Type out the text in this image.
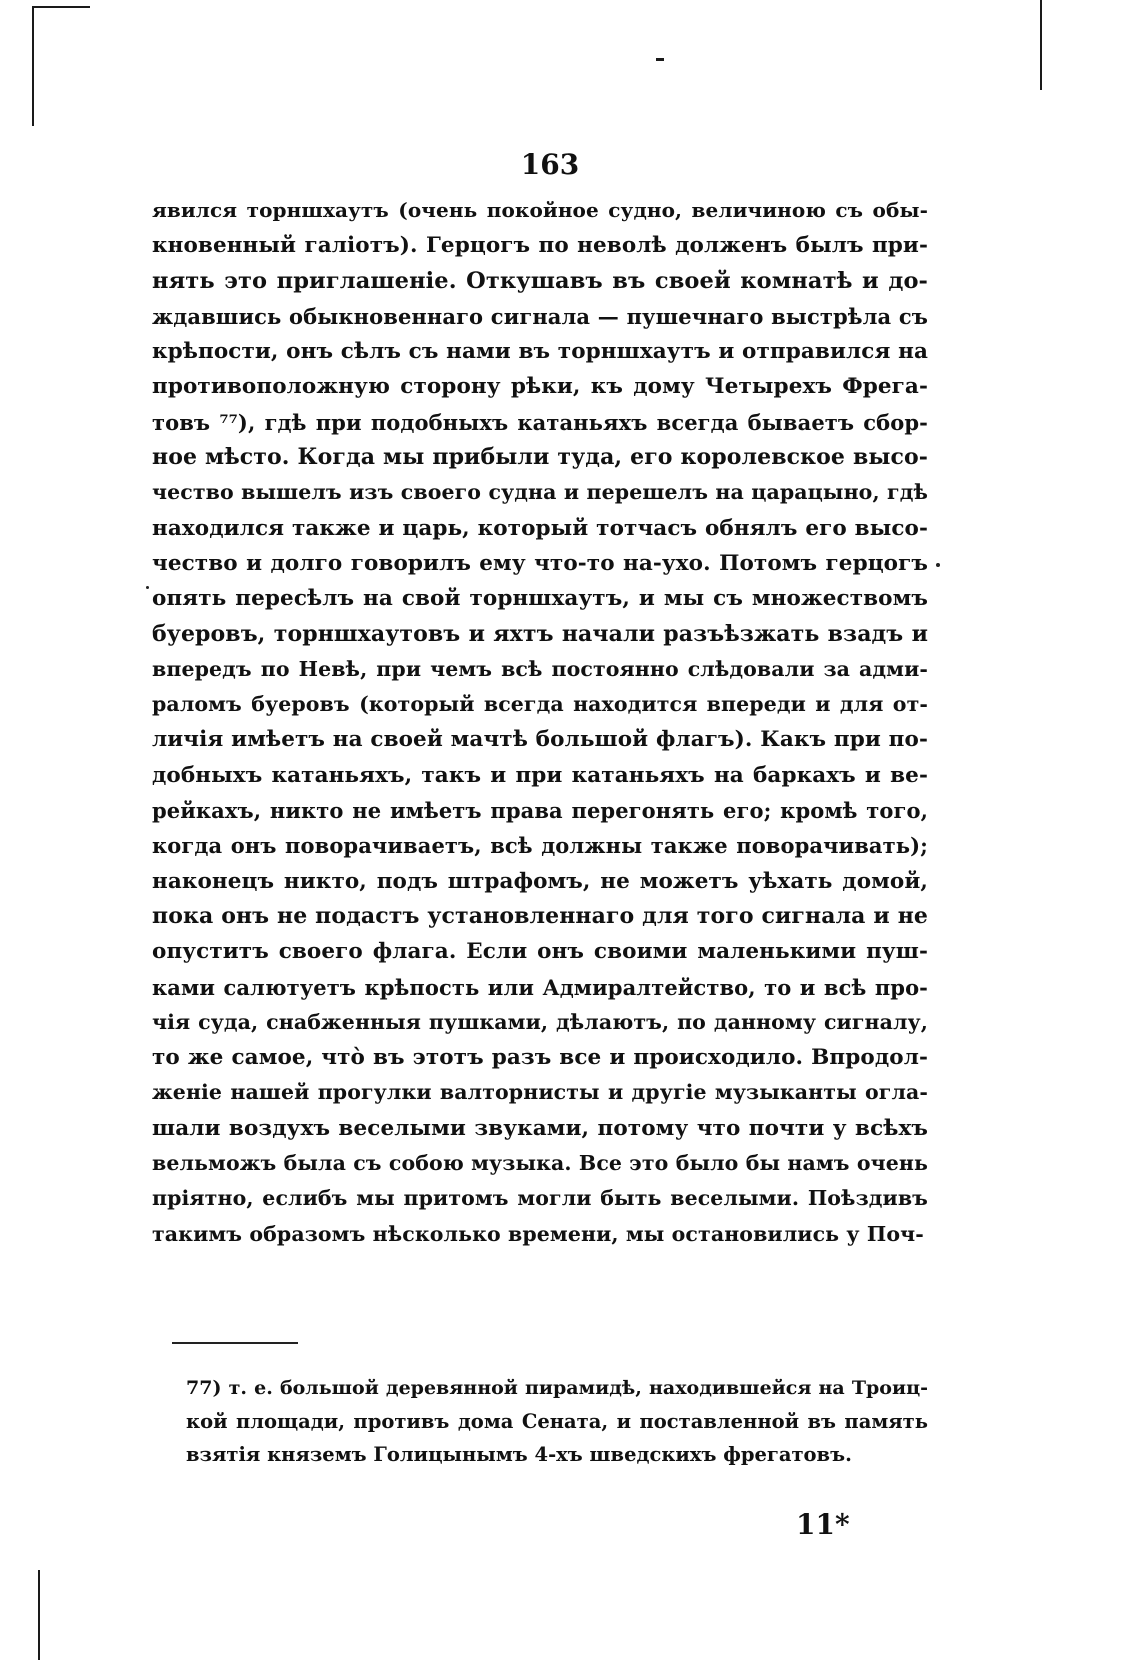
163
явился торншхаутъ (очень покойное судно, величиною съ обы-
кновенный галіотъ). Герцогъ по неволѣ долженъ былъ при-
нять это приглашеніе. Откушавъ въ своей комнатѣ и до-
ждавшись обыкновеннаго сигнала — пушечнаго выстрѣла съ
крѣпости, онъ сѣлъ съ нами въ торншхаутъ и отправился на
противоположную сторону рѣки, къ дому Четырехъ Фрега-
товъ ⁷⁷), гдѣ при подобныхъ катаньяхъ всегда бываетъ сбор-
ное мѣсто. Когда мы прибыли туда, его королевское высо-
чество вышелъ изъ своего судна и перешелъ на царацыно, гдѣ
находился также и царь, который тотчасъ обнялъ его высо-
чество и долго говорилъ ему что-то на-ухо. Потомъ герцогъ
опять пересѣлъ на свой торншхаутъ, и мы съ множествомъ
буеровъ, торншхаутовъ и яхтъ начали разъѣзжать взадъ и
впередъ по Невѣ, при чемъ всѣ постоянно слѣдовали за адми-
раломъ буеровъ (который всегда находится впереди и для от-
личія имѣетъ на своей мачтѣ большой флагъ). Какъ при по-
добныхъ катаньяхъ, такъ и при катаньяхъ на баркахъ и ве-
рейкахъ, никто не имѣетъ права перегонять его; кромѣ того,
когда онъ поворачиваетъ, всѣ должны также поворачивать);
наконецъ никто, подъ штрафомъ, не можетъ уѣхать домой,
пока онъ не подастъ установленнаго для того сигнала и не
опуститъ своего флага. Если онъ своими маленькими пуш-
ками салютуетъ крѣпость или Адмиралтейство, то и всѣ про-
чія суда, снабженныя пушками, дѣлаютъ, по данному сигналу,
то же самое, чтò въ этотъ разъ все и происходило. Впродол-
женіе нашей прогулки валторнисты и другіе музыканты огла-
шали воздухъ веселыми звуками, потому что почти у всѣхъ
вельможъ была съ собою музыка. Все это было бы намъ очень
пріятно, еслибъ мы притомъ могли быть веселыми. Поѣздивъ
такимъ образомъ нѣсколько времени, мы остановились у Поч-
77) т. е. большой деревянной пирамидѣ, находившейся на Троиц-
кой площади, противъ дома Сената, и поставленной въ память
взятія княземъ Голицынымъ 4-хъ шведскихъ фрегатовъ.
11*
